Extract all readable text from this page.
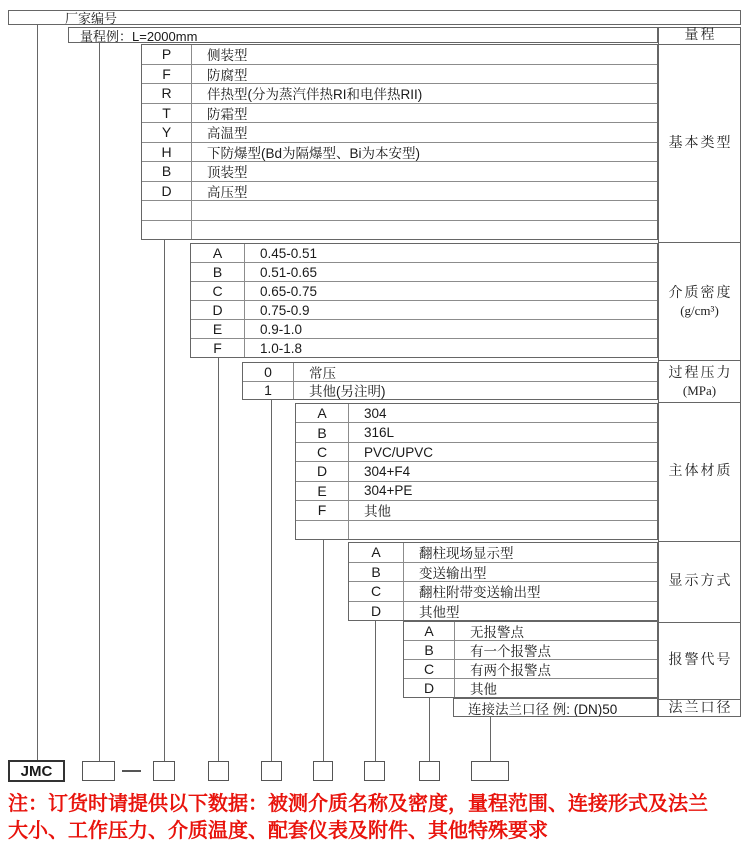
厂家编号
量程例：L=2000mm
P	侧装型
F	防腐型
R	伴热型(分为蒸汽伴热RI和电伴热RII)
T	防霜型
Y	高温型
H	下防爆型(Bd为隔爆型、Bi为本安型)
B	顶装型
D	高压型
A	0.45-0.51
B	0.51-0.65
C	0.65-0.75
D	0.75-0.9
E	0.9-1.0
F	1.0-1.8
0	常压
1	其他(另注明)
A	304
B	316L
C	PVC/UPVC
D	304+F4
E	304+PE
F	其他
A	翻柱现场显示型
B	变送输出型
C	翻柱附带变送输出型
D	其他型
A	无报警点
B	有一个报警点
C	有两个报警点
D	其他
连接法兰口径 例: (DN)50
量程
基本类型
介质密度
(g/cm³)
过程压力
(MPa)
主体材质
显示方式
报警代号
法兰口径
JMC
注：订货时请提供以下数据：被测介质名称及密度，量程范围、连接形式及法兰
大小、工作压力、介质温度、配套仪表及附件、其他特殊要求
